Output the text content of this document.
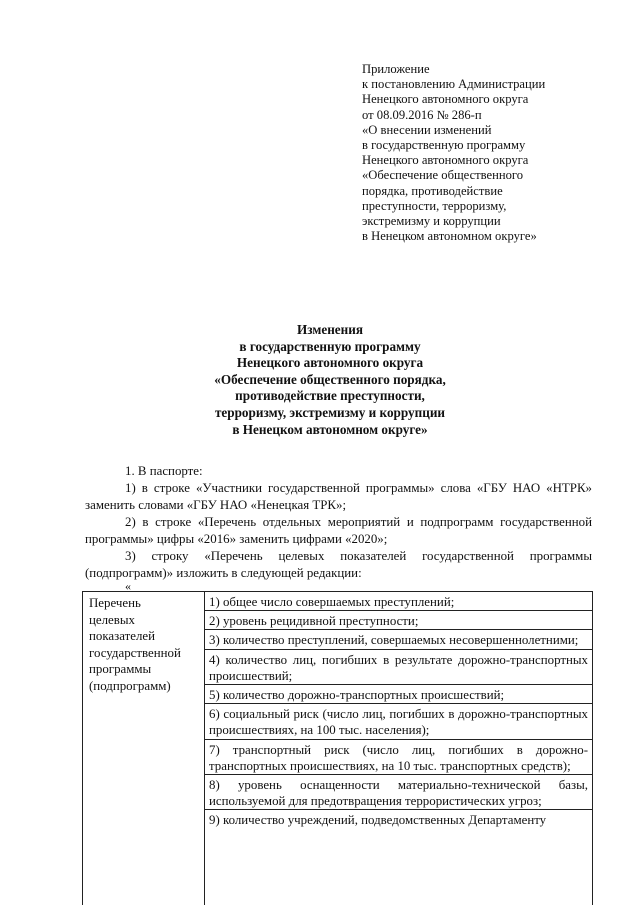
Приложение
к постановлению Администрации
Ненецкого автономного округа
от 08.09.2016 № 286-п
«О внесении изменений
в государственную программу
Ненецкого автономного округа
«Обеспечение общественного
порядка, противодействие
преступности, терроризму,
экстремизму и коррупции
в Ненецком автономном округе»
Изменения
в государственную программу
Ненецкого автономного округа
«Обеспечение общественного порядка,
противодействие преступности,
терроризму, экстремизму и коррупции
в Ненецком автономном округе»

1. В паспорте:

1) в строке «Участники государственной программы» слова «ГБУ НАО «НТРК» заменить словами «ГБУ НАО «Ненецкая ТРК»;

2) в строке «Перечень отдельных мероприятий и подпрограмм государственной программы» цифры «2016» заменить цифрами «2020»;

3) строку «Перечень целевых показателей государственной программы (подпрограмм)» изложить в следующей редакции:

«
Перечень
целевых
показателей
государственной
программы
(подпрограмм)
1) общее число совершаемых преступлений;
2) уровень рецидивной преступности;
3) количество преступлений, совершаемых несовершеннолетними;
4) количество лиц, погибших в результате дорожно-транспортных происшествий;
5) количество дорожно-транспортных происшествий;
6) социальный риск (число лиц, погибших в дорожно-транспортных происшествиях, на 100 тыс. населения);
7) транспортный риск (число лиц, погибших в дорожно-транспортных происшествиях, на 10 тыс. транспортных средств);
8) уровень оснащенности материально-технической базы, используемой для предотвращения террористических угроз;
9) количество учреждений, подведомственных Департаменту
